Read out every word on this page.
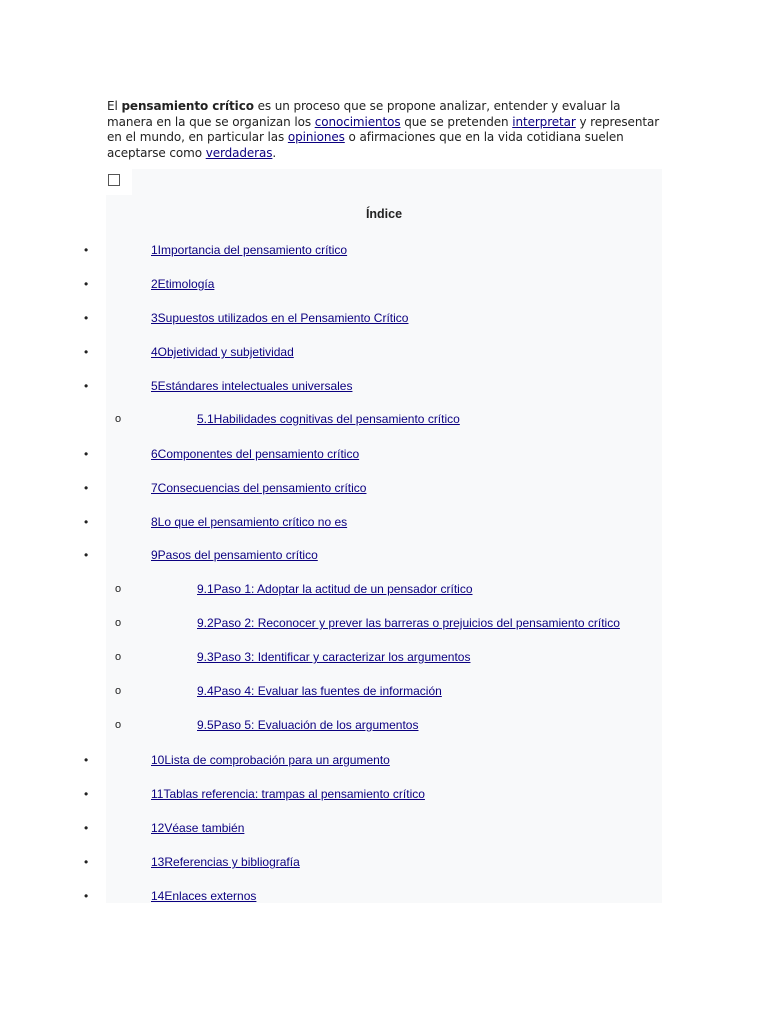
El pensamiento crítico es un proceso que se propone analizar, entender y evaluar la manera en la que se organizan los conocimientos que se pretenden interpretar y representar en el mundo, en particular las opiniones o afirmaciones que en la vida cotidiana suelen aceptarse como verdaderas.
Índice
•	1Importancia del pensamiento crítico
•	2Etimología
•	3Supuestos utilizados en el Pensamiento Crítico
•	4Objetividad y subjetividad
•	5Estándares intelectuales universales
o	5.1Habilidades cognitivas del pensamiento crítico
•	6Componentes del pensamiento crítico
•	7Consecuencias del pensamiento crítico
•	8Lo que el pensamiento crítico no es
•	9Pasos del pensamiento crítico
o	9.1Paso 1: Adoptar la actitud de un pensador crítico
o	9.2Paso 2: Reconocer y prever las barreras o prejuicios del pensamiento crítico
o	9.3Paso 3: Identificar y caracterizar los argumentos
o	9.4Paso 4: Evaluar las fuentes de información
o	9.5Paso 5: Evaluación de los argumentos
•	10Lista de comprobación para un argumento
•	11Tablas referencia: trampas al pensamiento crítico
•	12Véase también
•	13Referencias y bibliografía
•	14Enlaces externos
